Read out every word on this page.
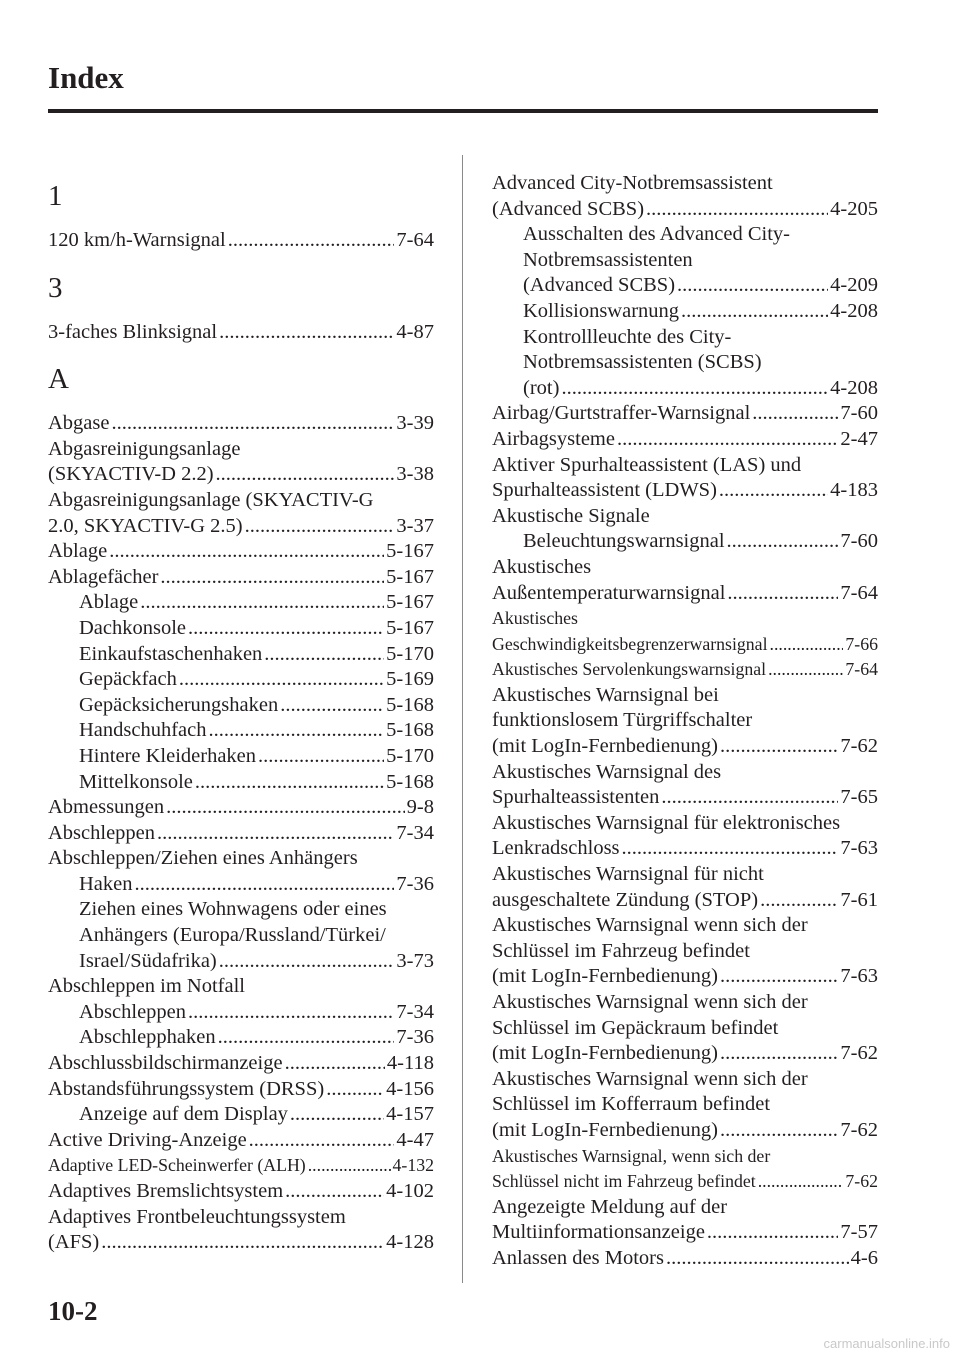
Index
1
120 km/h-Warnsignal .....	7-64
3
3-faches Blinksignal .....	4-87
A
Abgase .....	3-39
Abgasreinigungsanlage
(SKYACTIV-D 2.2) .....	3-38
Abgasreinigungsanlage (SKYACTIV-G
2.0, SKYACTIV-G 2.5) .....	3-37
Ablage .....	5-167
Ablagefächer .....	5-167
Ablage .....	5-167
Dachkonsole .....	5-167
Einkaufstaschenhaken .....	5-170
Gepäckfach .....	5-169
Gepäcksicherungshaken .....	5-168
Handschuhfach .....	5-168
Hintere Kleiderhaken .....	5-170
Mittelkonsole .....	5-168
Abmessungen .....	9-8
Abschleppen .....	7-34
Abschleppen/Ziehen eines Anhängers
Haken .....	7-36
Ziehen eines Wohnwagens oder eines
Anhängers (Europa/Russland/Türkei/
Israel/Südafrika) .....	3-73
Abschleppen im Notfall
Abschleppen .....	7-34
Abschlepphaken .....	7-36
Abschlussbildschirmanzeige .....	4-118
Abstandsführungssystem (DRSS) .....	4-156
Anzeige auf dem Display .....	4-157
Active Driving-Anzeige .....	4-47
Adaptive LED-Scheinwerfer (ALH) .....	4-132
Adaptives Bremslichtsystem .....	4-102
Adaptives Frontbeleuchtungssystem
(AFS) .....	4-128
Advanced City-Notbremsassistent
(Advanced SCBS) .....	4-205
Ausschalten des Advanced City-
Notbremsassistenten
(Advanced SCBS) .....	4-209
Kollisionswarnung .....	4-208
Kontrollleuchte des City-
Notbremsassistenten (SCBS)
(rot) .....	4-208
Airbag/Gurtstraffer-Warnsignal .....	7-60
Airbagsysteme .....	2-47
Aktiver Spurhalteassistent (LAS) und
Spurhalteassistent (LDWS) .....	4-183
Akustische Signale
Beleuchtungswarnsignal .....	7-60
Akustisches
Außentemperaturwarnsignal .....	7-64
Akustisches
Geschwindigkeitsbegrenzerwarnsignal .....	7-66
Akustisches Servolenkungswarnsignal .....	7-64
Akustisches Warnsignal bei
funktionslosem Türgriffschalter
(mit LogIn-Fernbedienung) .....	7-62
Akustisches Warnsignal des
Spurhalteassistenten .....	7-65
Akustisches Warnsignal für elektronisches
Lenkradschloss .....	7-63
Akustisches Warnsignal für nicht
ausgeschaltete Zündung (STOP) .....	7-61
Akustisches Warnsignal wenn sich der
Schlüssel im Fahrzeug befindet
(mit LogIn-Fernbedienung) .....	7-63
Akustisches Warnsignal wenn sich der
Schlüssel im Gepäckraum befindet
(mit LogIn-Fernbedienung) .....	7-62
Akustisches Warnsignal wenn sich der
Schlüssel im Kofferraum befindet
(mit LogIn-Fernbedienung) .....	7-62
Akustisches Warnsignal, wenn sich der
Schlüssel nicht im Fahrzeug befindet .....	7-62
Angezeigte Meldung auf der
Multiinformationsanzeige .....	7-57
Anlassen des Motors .....	4-6
10-2
carmanualsonline.info
